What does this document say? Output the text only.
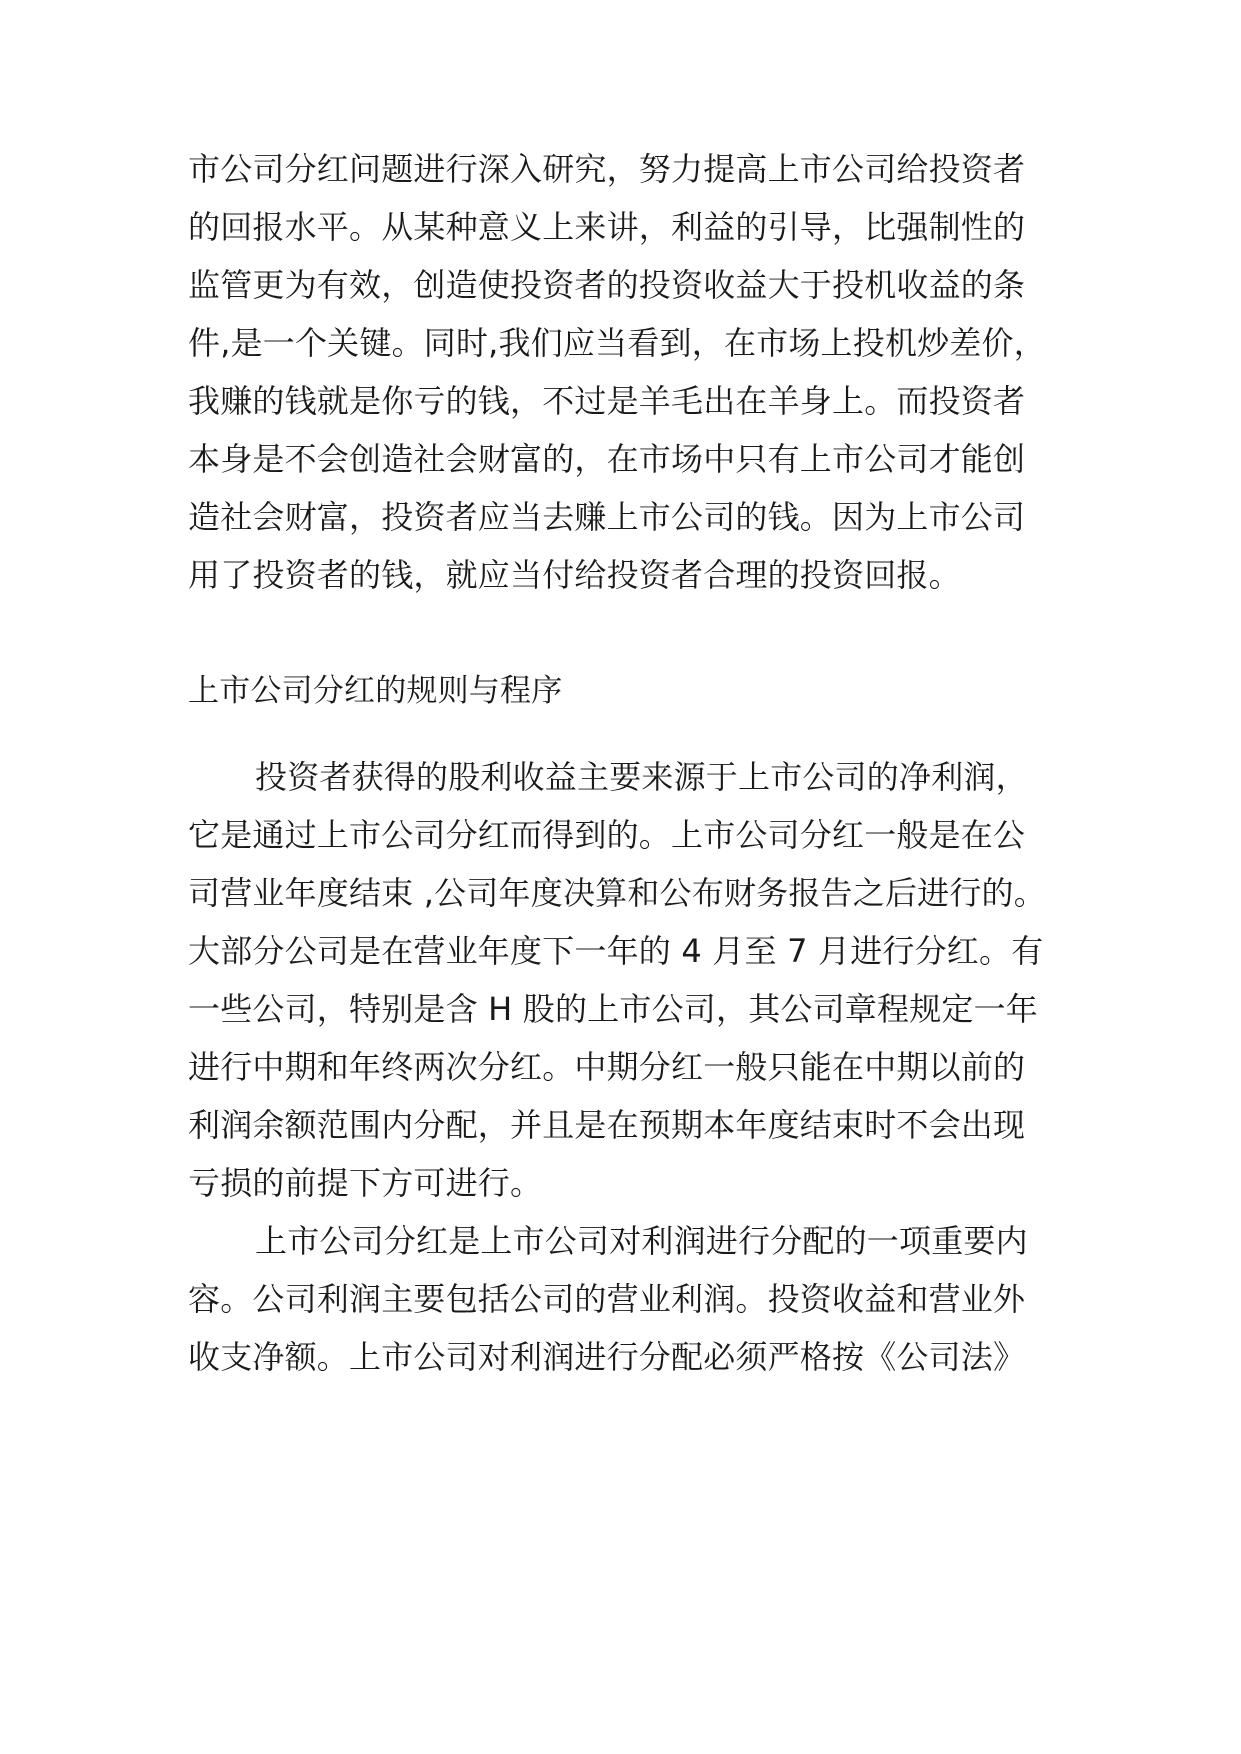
市公司分红问题进行深入研究，努力提高上市公司给投资者
的回报水平。从某种意义上来讲，利益的引导，比强制性的
监管更为有效，创造使投资者的投资收益大于投机收益的条
件,是一个关键。同时,我们应当看到，在市场上投机炒差价，
我赚的钱就是你亏的钱，不过是羊毛出在羊身上。而投资者
本身是不会创造社会财富的，在市场中只有上市公司才能创
造社会财富，投资者应当去赚上市公司的钱。因为上市公司
用了投资者的钱，就应当付给投资者合理的投资回报。
上市公司分红的规则与程序
投资者获得的股利收益主要来源于上市公司的净利润，
它是通过上市公司分红而得到的。上市公司分红一般是在公
司营业年度结束 ,公司年度决算和公布财务报告之后进行的。
大部分公司是在营业年度下一年的 4 月至 7 月进行分红。有
一些公司，特别是含 H 股的上市公司，其公司章程规定一年
进行中期和年终两次分红。中期分红一般只能在中期以前的
利润余额范围内分配，并且是在预期本年度结束时不会出现
亏损的前提下方可进行。
上市公司分红是上市公司对利润进行分配的一项重要内
容。公司利润主要包括公司的营业利润。投资收益和营业外
收支净额。上市公司对利润进行分配必须严格按《公司法》
